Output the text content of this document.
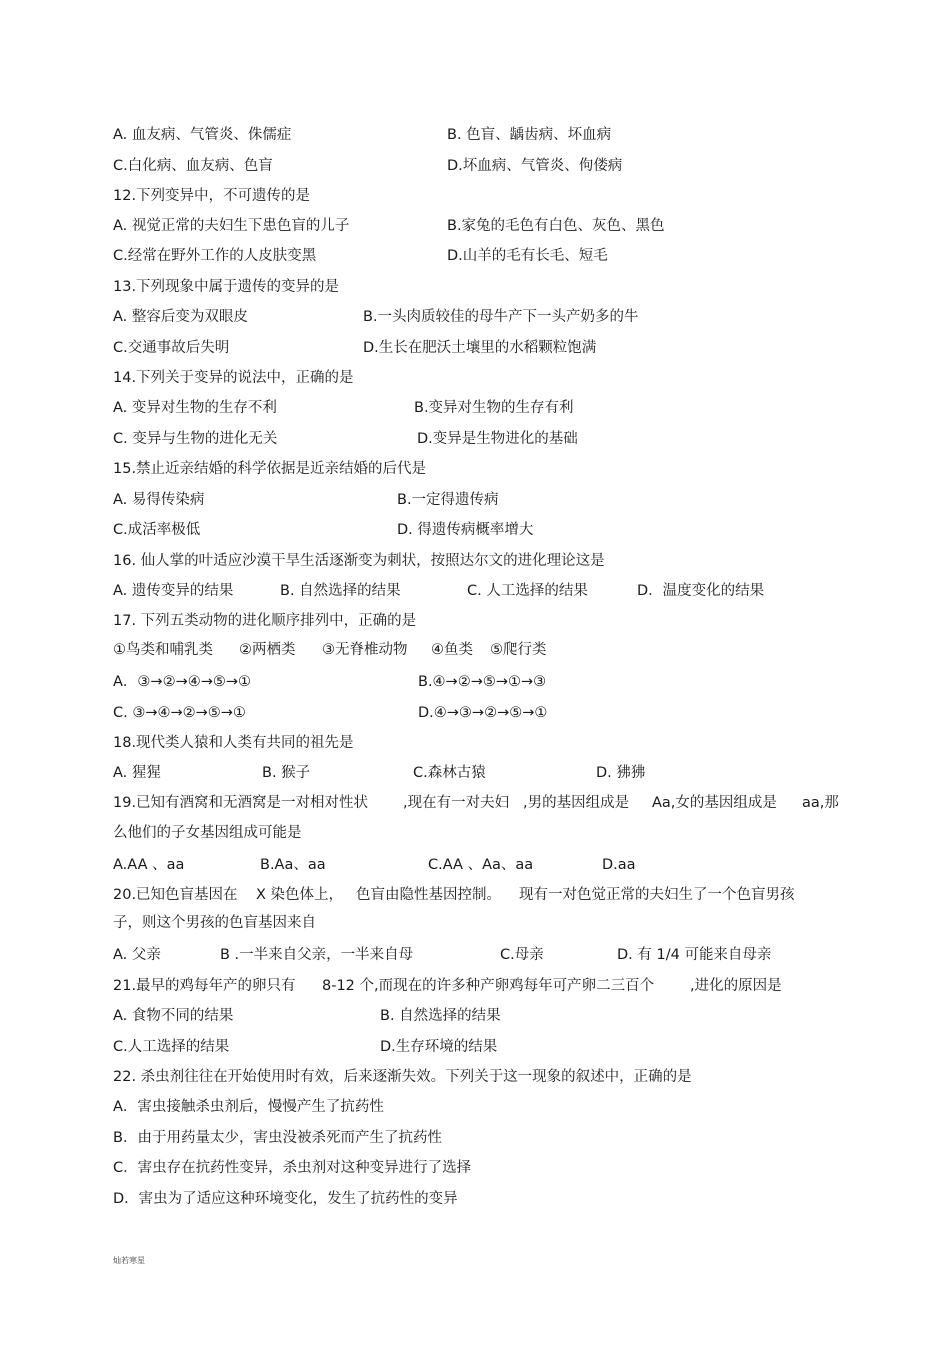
A. 血友病、气管炎、侏儒症	B. 色盲、龋齿病、坏血病
C.白化病、血友病、色盲	D.坏血病、气管炎、佝偻病
12.下列变异中，不可遗传的是
A. 视觉正常的夫妇生下患色盲的儿子	B.家兔的毛色有白色、灰色、黑色
C.经常在野外工作的人皮肤变黑	D.山羊的毛有长毛、短毛
13.下列现象中属于遗传的变异的是
A. 整容后变为双眼皮	B.一头肉质较佳的母牛产下一头产奶多的牛
C.交通事故后失明	D.生长在肥沃土壤里的水稻颗粒饱满
14.下列关于变异的说法中，正确的是
A. 变异对生物的生存不利	B.变异对生物的生存有利
C. 变异与生物的进化无关	D.变异是生物进化的基础
15.禁止近亲结婚的科学依据是近亲结婚的后代是
A. 易得传染病	B.一定得遗传病
C.成活率极低	D. 得遗传病概率增大
16. 仙人掌的叶适应沙漠干旱生活逐渐变为刺状，按照达尔文的进化理论这是
A. 遗传变异的结果	B. 自然选择的结果	C. 人工选择的结果	D．温度变化的结果
17. 下列五类动物的进化顺序排列中，正确的是
①鸟类和哺乳类 ②两栖类 ③无脊椎动物 ④鱼类 ⑤爬行类
A．③→②→④→⑤→①	B.④→②→⑤→①→③
C. ③→④→②→⑤→①	D.④→③→②→⑤→①
18.现代类人猿和人类有共同的祖先是
A. 猩猩	B. 猴子	C.森林古猿	D. 狒狒
19.已知有酒窝和无酒窝是一对相对性状 ,现在有一对夫妇 ,男的基因组成是 Aa,女的基因组成是 aa,那
么他们的子女基因组成可能是
A.AA 、aa	B.Aa、aa	C.AA 、Aa、aa	D.aa
20.已知色盲基因在 X 染色体上， 色盲由隐性基因控制。 现有一对色觉正常的夫妇生了一个色盲男孩
子，则这个男孩的色盲基因来自
A. 父亲	B .一半来自父亲，一半来自母	C.母亲	D. 有 1/4 可能来自母亲
21.最早的鸡每年产的卵只有 8-12 个,而现在的许多种产卵鸡每年可产卵二三百个 ,进化的原因是
A. 食物不同的结果	B. 自然选择的结果
C.人工选择的结果	D.生存环境的结果
22. 杀虫剂往往在开始使用时有效，后来逐渐失效。下列关于这一现象的叙述中，正确的是
A．害虫接触杀虫剂后，慢慢产生了抗药性
B．由于用药量太少，害虫没被杀死而产生了抗药性
C．害虫存在抗药性变异，杀虫剂对这种变异进行了选择
D．害虫为了适应这种环境变化，发生了抗药性的变异
灿若寒星
